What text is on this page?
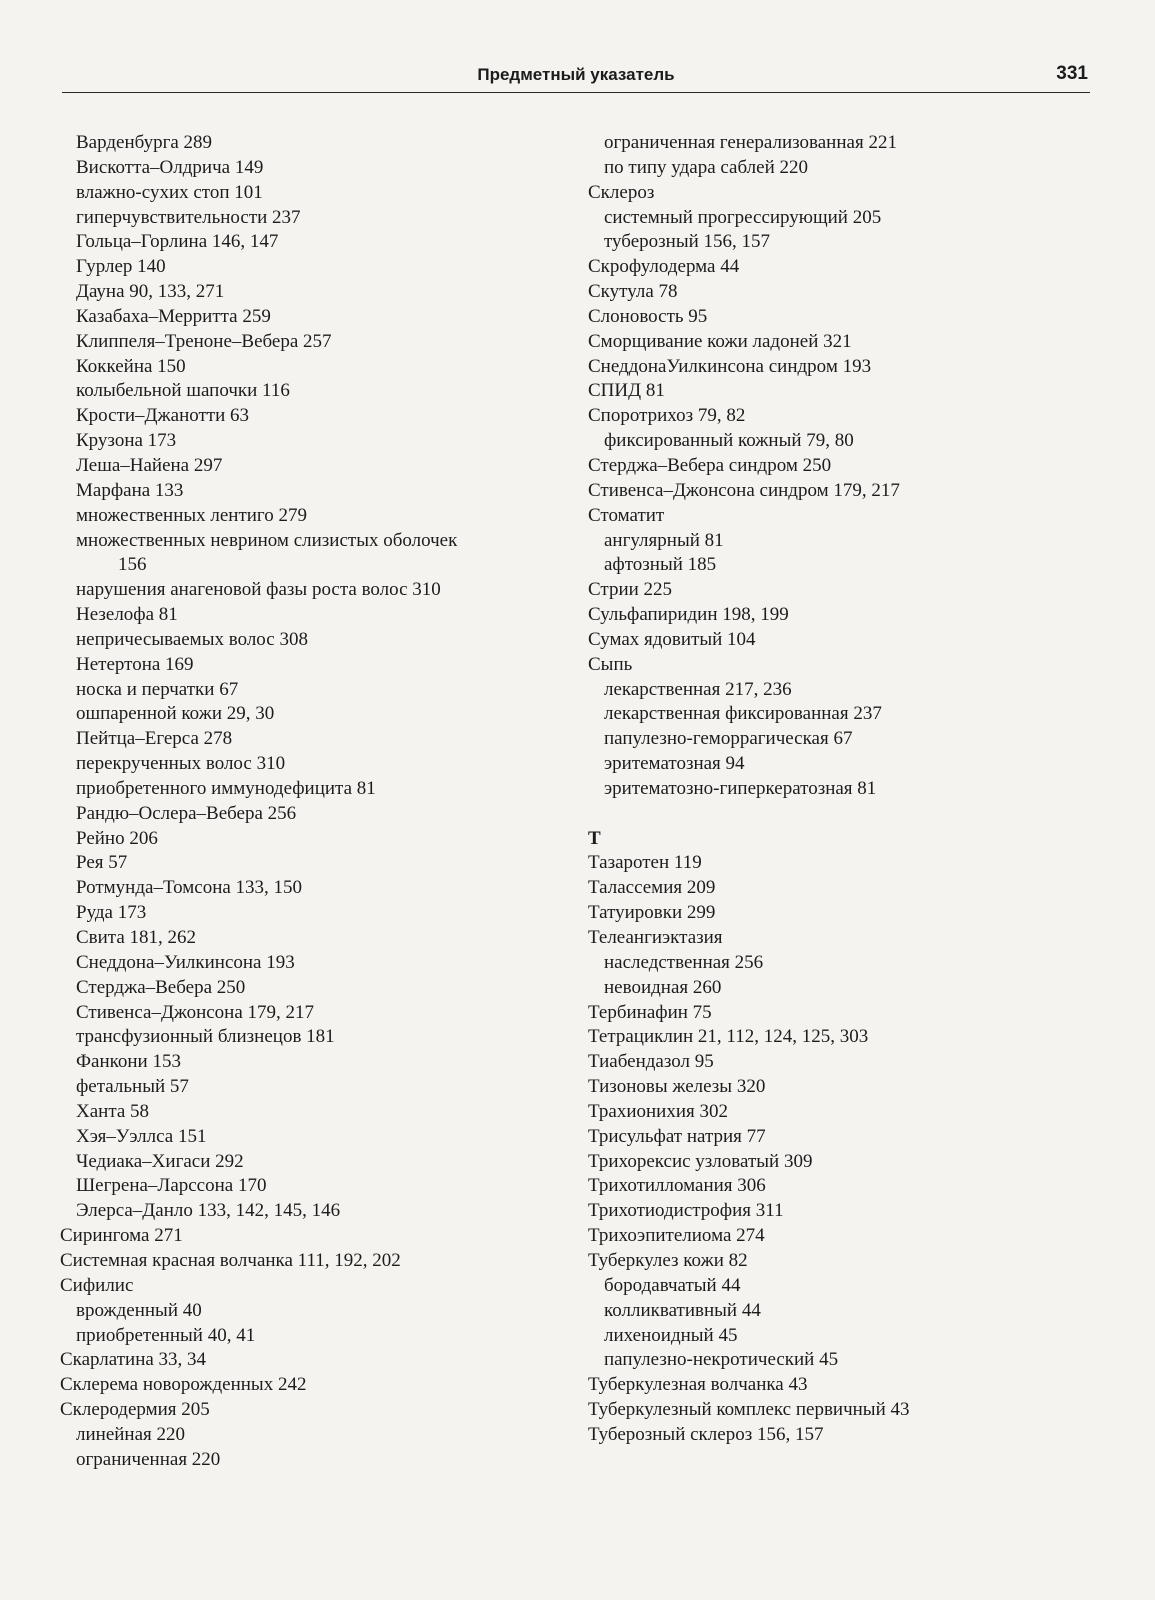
Предметный указатель	331
Варденбурга 289
Вискотта–Олдрича 149
влажно-сухих стоп 101
гиперчувствительности 237
Гольца–Горлина 146, 147
Гурлер 140
Дауна 90, 133, 271
Казабаха–Мерритта 259
Клиппеля–Треноне–Вебера 257
Коккейна 150
колыбельной шапочки 116
Крости–Джанотти 63
Крузона 173
Леша–Найена 297
Марфана 133
множественных лентиго 279
множественных неврином слизистых оболочек
156
нарушения анагеновой фазы роста волос 310
Незелофа 81
непричесываемых волос 308
Нетертона 169
носка и перчатки 67
ошпаренной кожи 29, 30
Пейтца–Егерса 278
перекрученных волос 310
приобретенного иммунодефицита 81
Рандю–Ослера–Вебера 256
Рейно 206
Рея 57
Ротмунда–Томсона 133, 150
Руда 173
Свита 181, 262
Снеддона–Уилкинсона 193
Стерджа–Вебера 250
Стивенса–Джонсона 179, 217
трансфузионный близнецов 181
Фанкони 153
фетальный 57
Ханта 58
Хэя–Уэллса 151
Чедиака–Хигаси 292
Шегрена–Ларссона 170
Элерса–Данло 133, 142, 145, 146
Сирингома 271
Системная красная волчанка 111, 192, 202
Сифилис
врожденный 40
приобретенный 40, 41
Скарлатина 33, 34
Склерема новорожденных 242
Склеродермия 205
линейная 220
ограниченная 220
ограниченная генерализованная 221
по типу удара саблей 220
Склероз
системный прогрессирующий 205
туберозный 156, 157
Скрофулодерма 44
Скутула 78
Слоновость 95
Сморщивание кожи ладоней 321
СнеддонаУилкинсона синдром 193
СПИД 81
Споротрихоз 79, 82
фиксированный кожный 79, 80
Стерджа–Вебера синдром 250
Стивенса–Джонсона синдром 179, 217
Стоматит
ангулярный 81
афтозный 185
Стрии 225
Сульфапиридин 198, 199
Сумах ядовитый 104
Сыпь
лекарственная 217, 236
лекарственная фиксированная 237
папулезно-геморрагическая 67
эритематозная 94
эритематозно-гиперкератозная 81
Т
Тазаротен 119
Талассемия 209
Татуировки 299
Телеангиэктазия
наследственная 256
невоидная 260
Тербинафин 75
Тетрациклин 21, 112, 124, 125, 303
Тиабендазол 95
Тизоновы железы 320
Трахионихия 302
Трисульфат натрия 77
Трихорексис узловатый 309
Трихотилломания 306
Трихотиодистрофия 311
Трихоэпителиома 274
Туберкулез кожи 82
бородавчатый 44
колликвативный 44
лихеноидный 45
папулезно-некротический 45
Туберкулезная волчанка 43
Туберкулезный комплекс первичный 43
Туберозный склероз 156, 157
